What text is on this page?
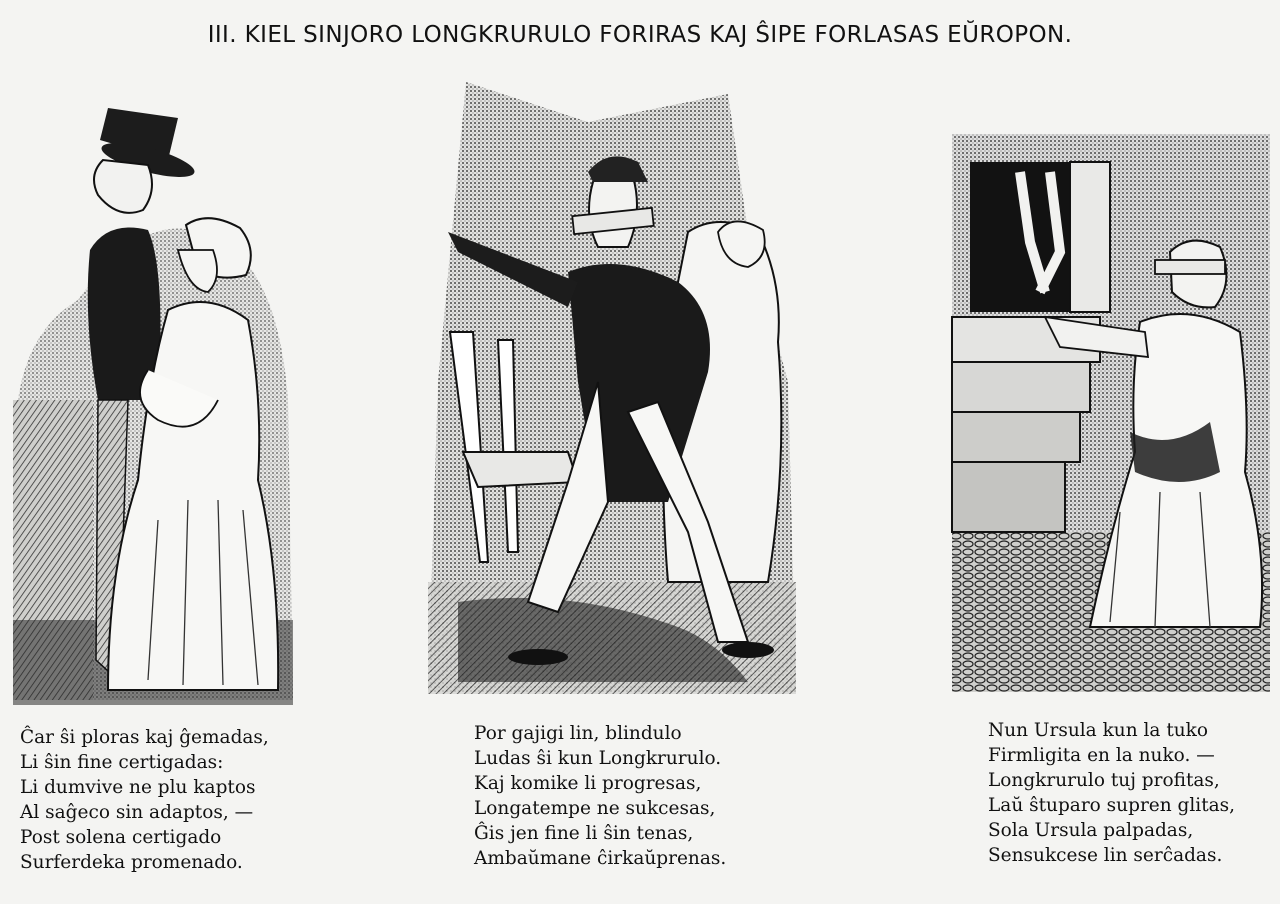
III. KIEL SINJORO LONGKRURULO FORIRAS KAJ ŜIPE FORLASAS EŬROPON.
Ĉar ŝi ploras kaj ĝemadas,
Li ŝin fine certigadas:
Li dumvive ne plu kaptos
Al saĝeco sin adaptos, —
Post solena certigado
Surferdeka promenado.
Por gajigi lin, blindulo
Ludas ŝi kun Longkrurulo.
Kaj komike li progresas,
Longatempe ne sukcesas,
Ĝis jen fine li ŝin tenas,
Ambaŭmane ĉirkaŭprenas.
Nun Ursula kun la tuko
Firmligita en la nuko. —
Longkrurulo tuj profitas,
Laŭ ŝtuparo supren glitas,
Sola Ursula palpadas,
Sensukcese lin serĉadas.
